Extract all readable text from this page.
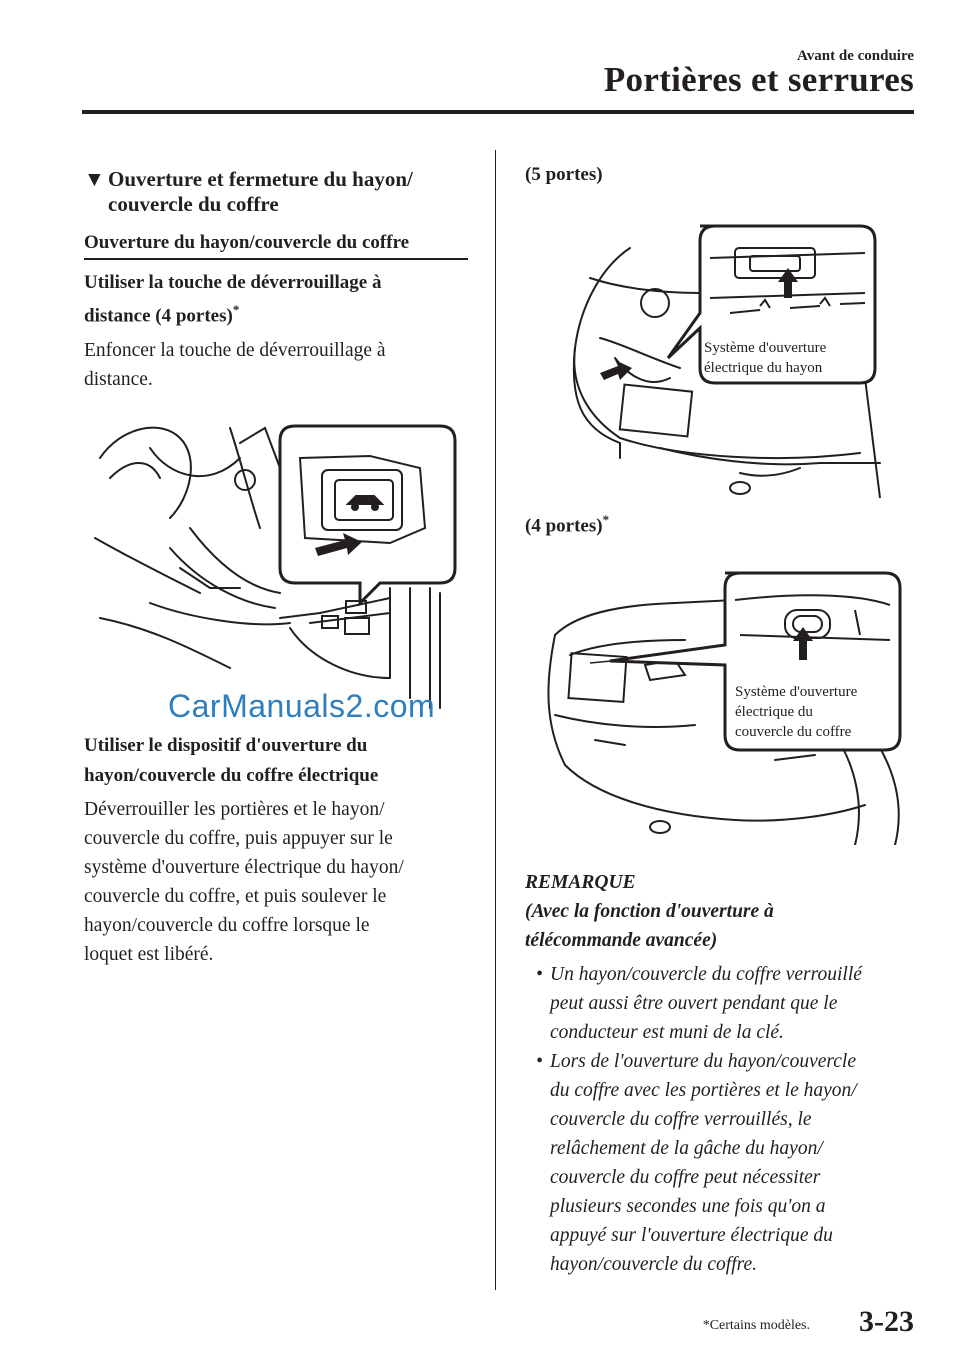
Avant de conduire
Portières et serrures
▼ Ouverture et fermeture du hayon/
couvercle du coffre
Ouverture du hayon/couvercle du coffre
Utiliser la touche de déverrouillage à
distance (4 portes)*
Enfoncer la touche de déverrouillage à
distance.
CarManuals2.com
Utiliser le dispositif d'ouverture du
hayon/couvercle du coffre électrique
Déverrouiller les portières et le hayon/
couvercle du coffre, puis appuyer sur le
système d'ouverture électrique du hayon/
couvercle du coffre, et puis soulever le
hayon/couvercle du coffre lorsque le
loquet est libéré.
(5 portes)
Système d'ouverture
électrique du hayon
(4 portes)*
Système d'ouverture
électrique du
couvercle du coffre
REMARQUE
(Avec la fonction d'ouverture à
télécommande avancée)
• Un hayon/couvercle du coffre verrouillé
peut aussi être ouvert pendant que le
conducteur est muni de la clé.
• Lors de l'ouverture du hayon/couvercle
du coffre avec les portières et le hayon/
couvercle du coffre verrouillés, le
relâchement de la gâche du hayon/
couvercle du coffre peut nécessiter
plusieurs secondes une fois qu'on a
appuyé sur l'ouverture électrique du
hayon/couvercle du coffre.
*Certains modèles. 3-23
